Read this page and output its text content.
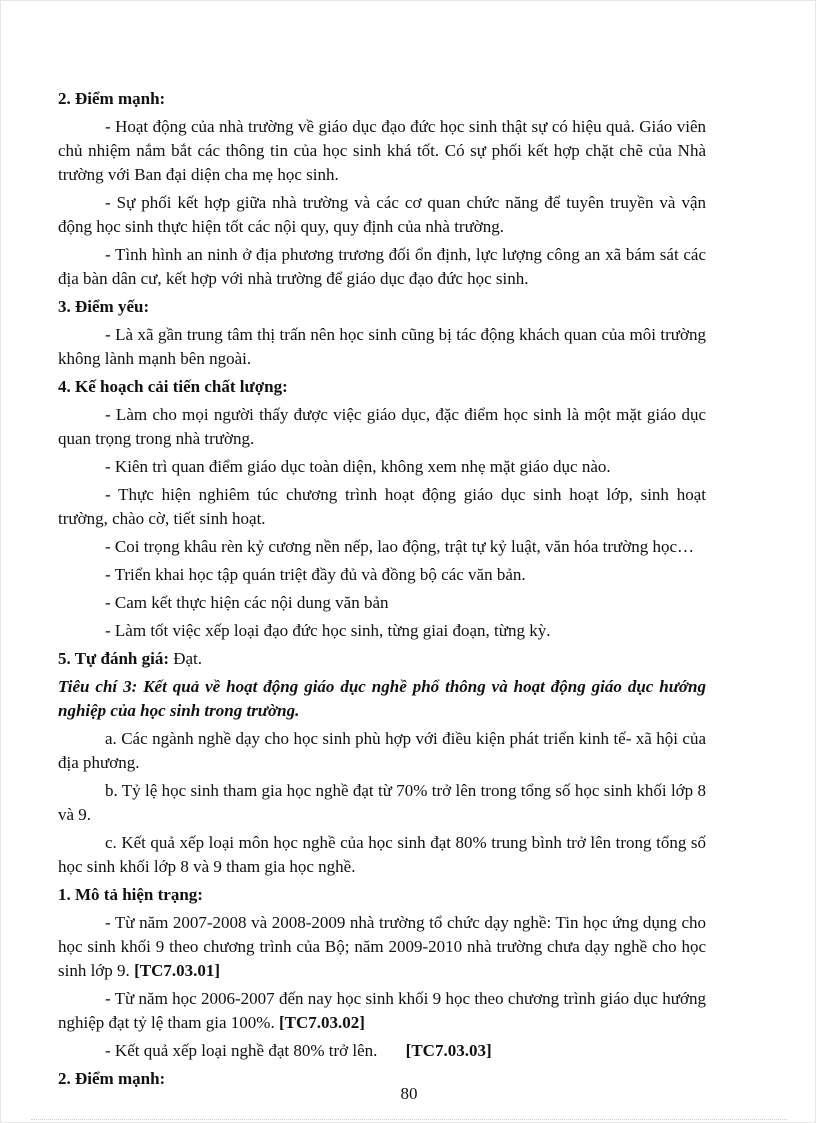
2. Điểm mạnh:

- Hoạt động của nhà trường về giáo dục đạo đức học sinh thật sự có hiệu quả. Giáo viên chủ nhiệm nắm bắt các thông tin của học sinh khá tốt. Có sự phối kết hợp chặt chẽ của Nhà trường với Ban đại diện cha mẹ học sinh.

- Sự phối kết hợp giữa nhà trường và các cơ quan chức năng để tuyên truyền và vận động học sinh thực hiện tốt các nội quy, quy định của nhà trường.

- Tình hình an ninh ở địa phương trương đối ổn định, lực lượng công an xã bám sát các địa bàn dân cư, kết hợp với nhà trường để giáo dục đạo đức học sinh.

3. Điểm yếu:

- Là xã gần trung tâm thị trấn nên học sinh cũng bị tác động khách quan của môi trường không lành mạnh bên ngoài.

4. Kế hoạch cải tiến chất lượng:

- Làm cho mọi người thấy được việc giáo dục, đặc điểm học sinh là một mặt giáo dục quan trọng trong nhà trường.

- Kiên trì quan điểm giáo dục toàn diện, không xem nhẹ mặt giáo dục nào.

- Thực hiện nghiêm túc chương trình hoạt động giáo dục sinh hoạt lớp, sinh hoạt trường, chào cờ, tiết sinh hoạt.

- Coi trọng khâu rèn kỷ cương nền nếp, lao động, trật tự kỷ luật, văn hóa trường học…

- Triển khai học tập quán triệt đầy đủ và đồng bộ các văn bản.

- Cam kết thực hiện các nội dung văn bản

- Làm tốt việc xếp loại đạo đức học sinh, từng giai đoạn, từng kỳ.

5. Tự đánh giá: Đạt.

Tiêu chí 3: Kết quả về hoạt động giáo dục nghề phổ thông và hoạt động giáo dục hướng nghiệp của học sinh trong trường.

a. Các ngành nghề dạy cho học sinh phù hợp với điều kiện phát triển kinh tế- xã hội của địa phương.

b. Tỷ lệ học sinh tham gia học nghề đạt từ 70% trở lên trong tổng số học sinh khối lớp 8 và 9.

c. Kết quả xếp loại môn học nghề của học sinh đạt 80% trung bình trở lên trong tổng số học sinh khối lớp 8 và 9 tham gia học nghề.

1. Mô tả hiện trạng:

- Từ năm 2007-2008 và 2008-2009 nhà trường tổ chức dạy nghề: Tin học ứng dụng cho học sinh khối 9 theo chương trình của Bộ; năm 2009-2010 nhà trường chưa dạy nghề cho học sinh lớp 9. [TC7.03.01]

- Từ năm học 2006-2007 đến nay học sinh khối 9 học theo chương trình giáo dục hướng nghiệp đạt tỷ lệ tham gia 100%. [TC7.03.02]

- Kết quả xếp loại nghề đạt 80% trở lên. [TC7.03.03]

2. Điểm mạnh:

80
